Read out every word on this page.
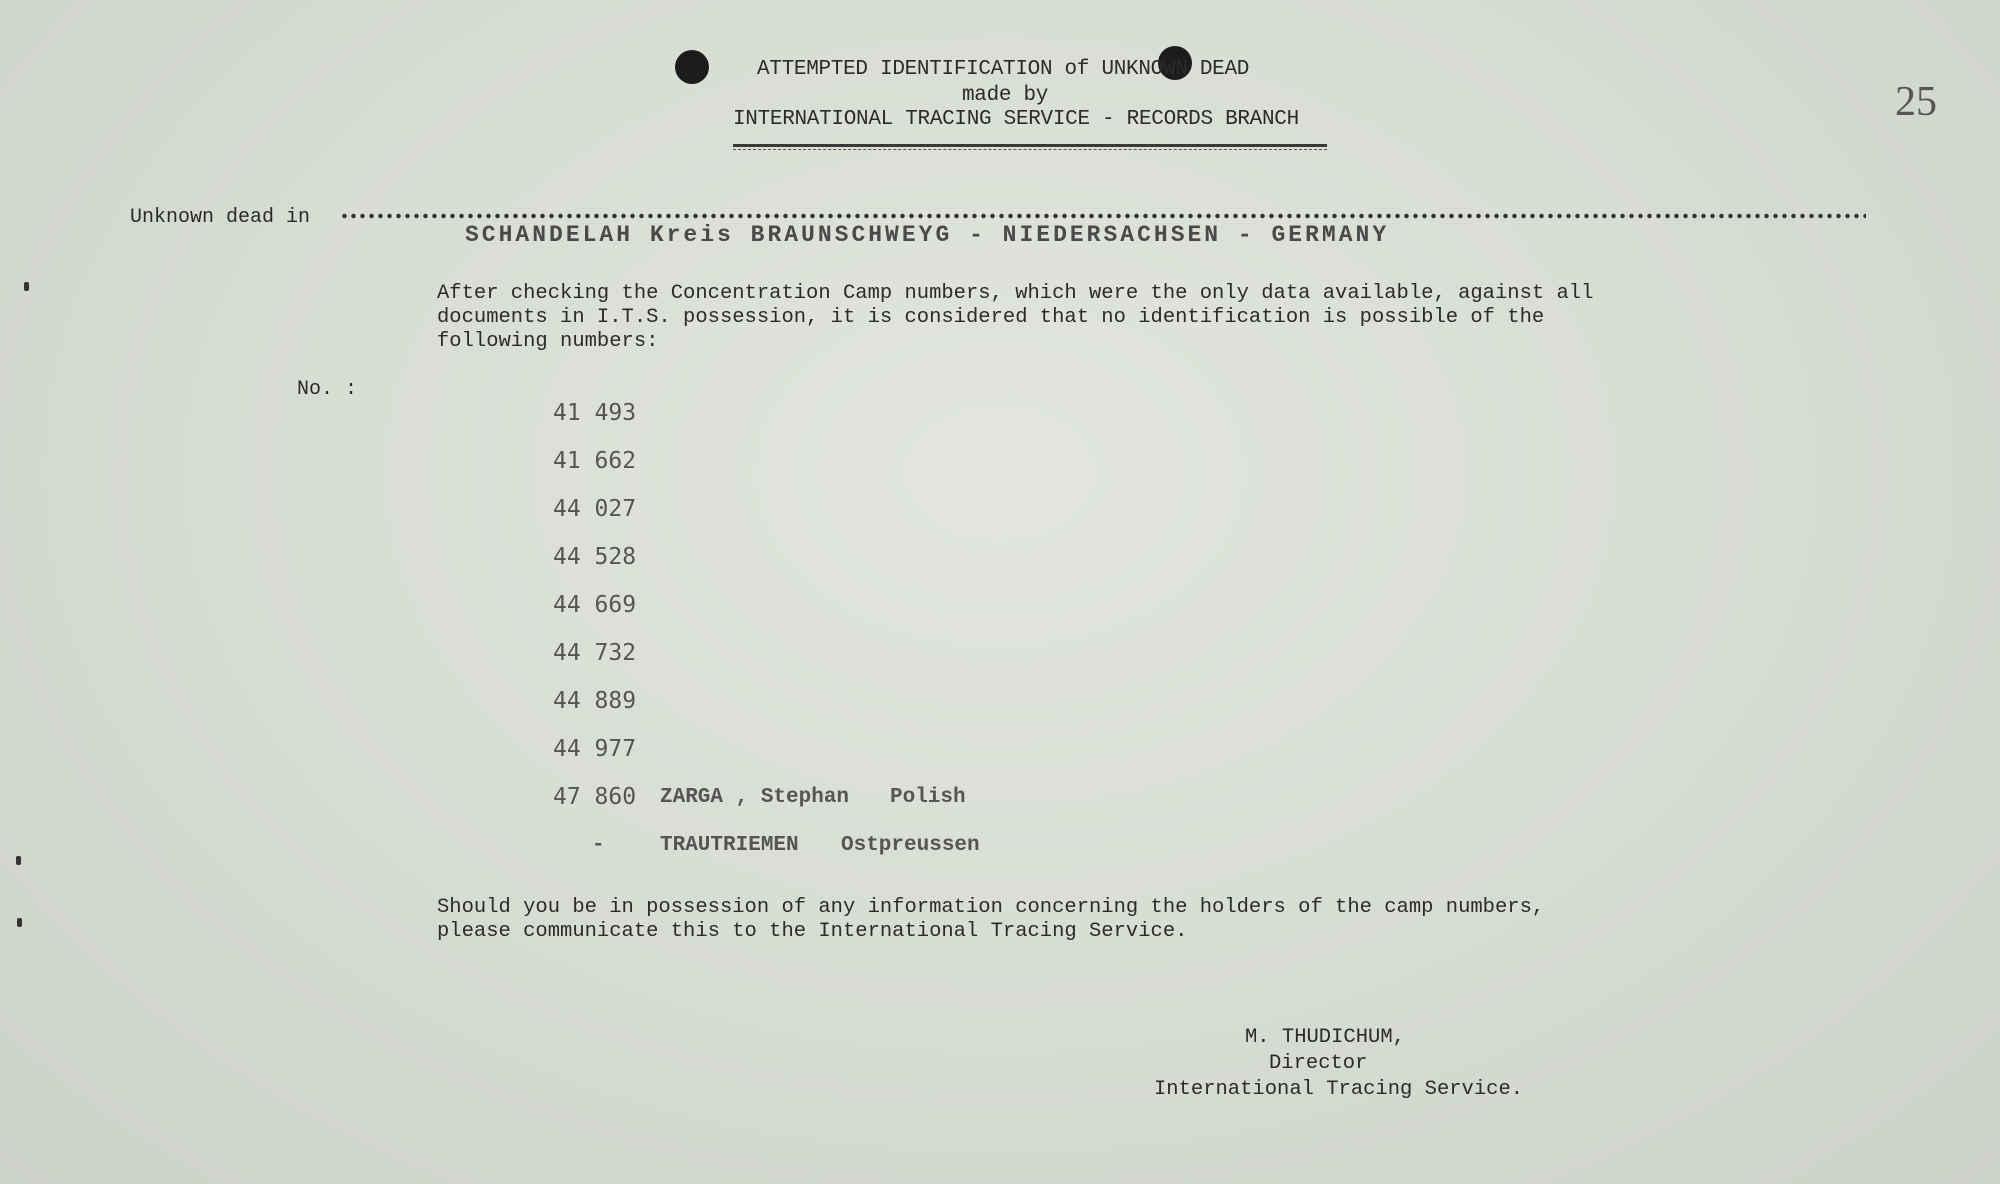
ATTEMPTED IDENTIFICATION of UNKNOWN DEAD
made by
INTERNATIONAL TRACING SERVICE - RECORDS BRANCH	25
Unknown dead in
SCHANDELAH Kreis BRAUNSCHWEYG - NIEDERSACHSEN - GERMANY
After checking the Concentration Camp numbers, which were the only data available, against all
documents in I.T.S. possession, it is considered that no identification is possible of the
following numbers:
No. :
41 493
41 662
44 027
44 528
44 669
44 732
44 889
44 977
47 860 ZARGA , Stephan Polish
-	TRAUTRIEMEN Ostpreussen
Should you be in possession of any information concerning the holders of the camp numbers,
please communicate this to the International Tracing Service.
M. THUDICHUM,
Director
International Tracing Service.
